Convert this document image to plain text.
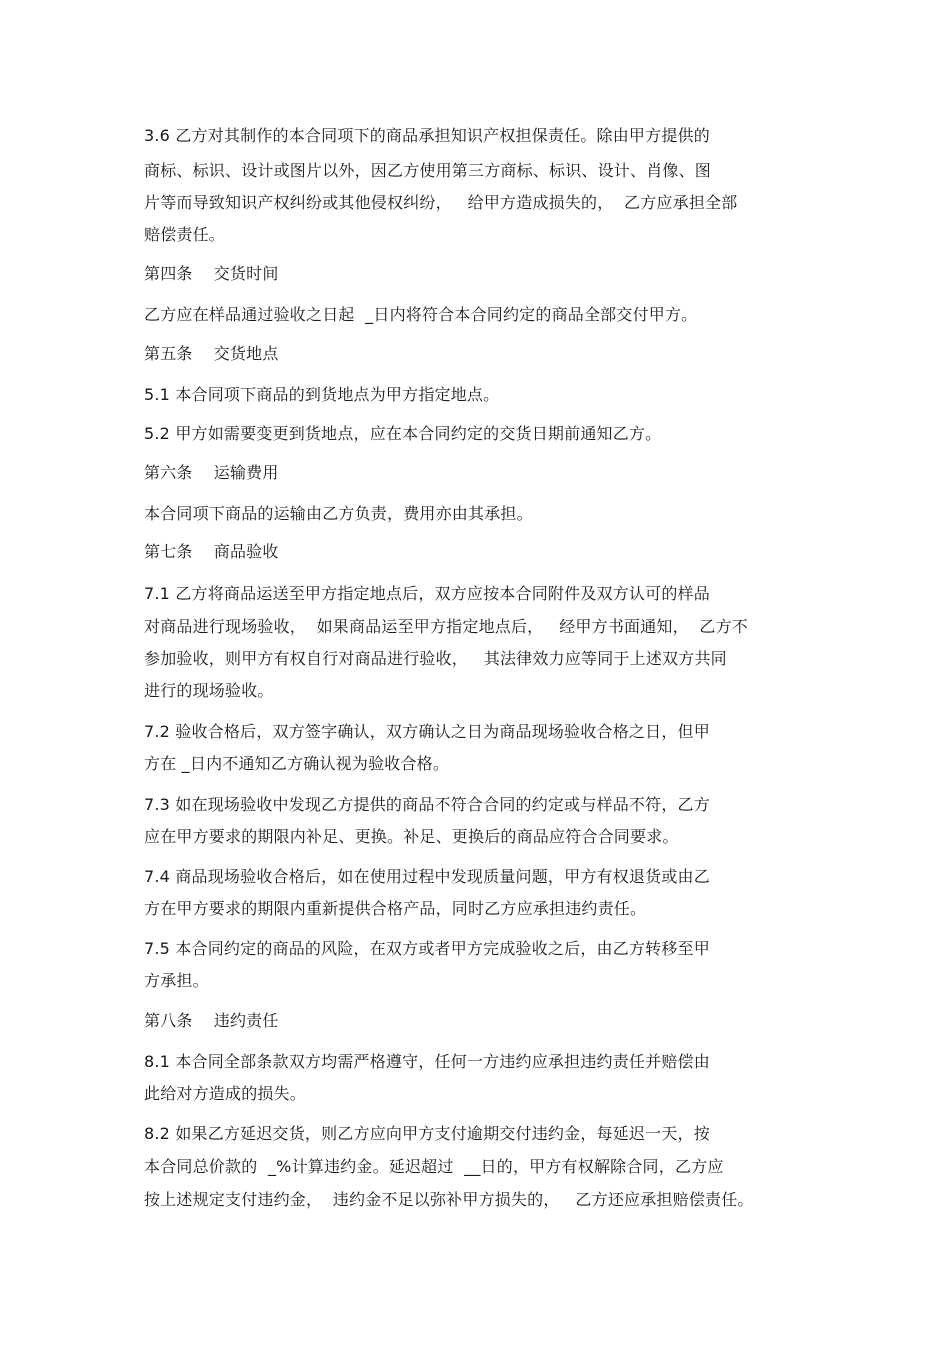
3.6 乙方对其制作的本合同项下的商品承担知识产权担保责任。除由甲方提供的
商标、标识、设计或图片以外，因乙方使用第三方商标、标识、设计、肖像、图
片等而导致知识产权纠纷或其他侵权纠纷，   给甲方造成损失的，  乙方应承担全部
赔偿责任。
第四条    交货时间
乙方应在样品通过验收之日起  _日内将符合本合同约定的商品全部交付甲方。
第五条    交货地点
5.1 本合同项下商品的到货地点为甲方指定地点。
5.2 甲方如需要变更到货地点，应在本合同约定的交货日期前通知乙方。
第六条    运输费用
本合同项下商品的运输由乙方负责，费用亦由其承担。
第七条    商品验收
7.1 乙方将商品运送至甲方指定地点后，双方应按本合同附件及双方认可的样品
对商品进行现场验收，  如果商品运至甲方指定地点后，   经甲方书面通知，  乙方不
参加验收，则甲方有权自行对商品进行验收，   其法律效力应等同于上述双方共同
进行的现场验收。
7.2 验收合格后，双方签字确认，双方确认之日为商品现场验收合格之日，但甲
方在 _日内不通知乙方确认视为验收合格。
7.3 如在现场验收中发现乙方提供的商品不符合合同的约定或与样品不符，乙方
应在甲方要求的期限内补足、更换。补足、更换后的商品应符合合同要求。
7.4 商品现场验收合格后，如在使用过程中发现质量问题，甲方有权退货或由乙
方在甲方要求的期限内重新提供合格产品，同时乙方应承担违约责任。
7.5 本合同约定的商品的风险，在双方或者甲方完成验收之后，由乙方转移至甲
方承担。
第八条    违约责任
8.1 本合同全部条款双方均需严格遵守，任何一方违约应承担违约责任并赔偿由
此给对方造成的损失。
8.2 如果乙方延迟交货，则乙方应向甲方支付逾期交付违约金，每延迟一天，按
本合同总价款的  _%计算违约金。延迟超过  __日的，甲方有权解除合同，乙方应
按上述规定支付违约金，  违约金不足以弥补甲方损失的，   乙方还应承担赔偿责任。
